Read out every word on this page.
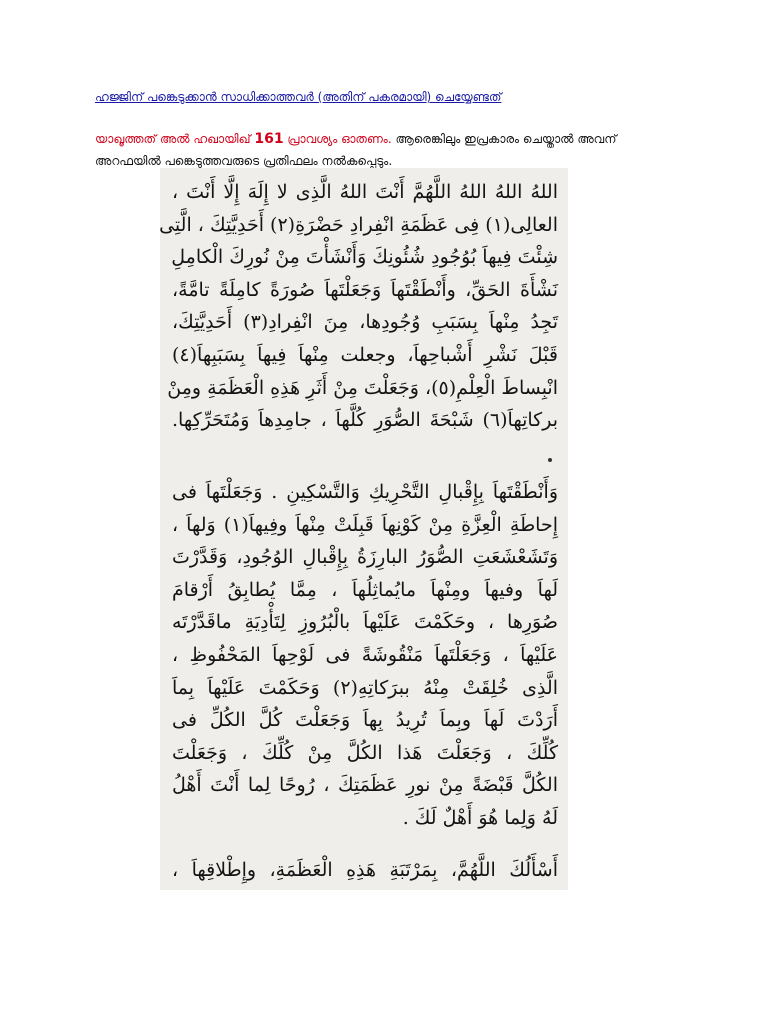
ഹജ്ജിന് പങ്കെടുക്കാൻ സാധിക്കാത്തവർ (അതിന് പകരമായി) ചെയ്യേണ്ടത്
യാഖൂത്തത് അൽ ഹഖായിഖ് 161 പ്രാവശ്യം ഓതണം. ആരെങ്കിലും ഇപ്രകാരം ചെയ്താൽ അവന് അറഫയിൽ പങ്കെടുത്തവരുടെ പ്രതിഫലം നൽകപ്പെടും.
اللهُ اللهُ اللهُ اللَّهُمَّ أَنْتَ اللهُ الَّذِى لا إِلَهَ إِلَّا أَنْتَ ،
العالِى(١) فِى عَظَمَةِ انْفِرادِ حَضْرَةِ(٢) أَحَدِيَّتِكَ ، الَّتِى
شِئْتَ فِيهاَ بُوُجُودِ شُئُونِكَ وَأَنْشَأْتَ مِنْ نُورِكَ الْكامِلِ
نَشْأَةَ الحَقِّ، وأَنْطَقْتَهاَ وَجَعَلْتَهاَ صُورَةً كامِلَةً تامَّةً،
تَجِدُ مِنْهاَ بِسَبَبِ وُجُودِها، مِنَ انْفِرادِ(٣) أَحَدِيَّتِكَ،
قَبْلَ نَشْرِ أَشْباحِهاَ، وجعلت مِنْهاَ فِيهاَ بِسَبَبِهاَ(٤)
انْبِساطَ الْعِلْمِ(٥)، وَجَعَلْتَ مِنْ أَثَرِ هَذِهِ الْعَظَمَةِ ومِنْ
بركاتِهاَ(٦) شَبْحَةَ الصُّوَرِ كُلَّهاَ ، جامِدِهاَ وَمُتَحَرِّكِها.
وَأَنْطَقْتَهاَ بِإِقْبالِ التَّحْرِيكِ وَالتَّسْكِينِ . وَجَعَلْتَهاَ فى
إِحاطَةِ الْعِزَّةِ مِنْ كَوْنِهاَ قَبِلَتْ مِنْهاَ وفِيهاَ(١) وَلهاَ ،
وَتَشَعْشَعَتِ الصُّوَرُ البارِزَةُ بِإِقْبالِ الوُجُودِ، وَقَدَّرْتَ
لَهاَ وفيهاَ ومِنْهاَ مايُماثِلُهاَ ، مِمَّا يُطابِقُ أَرْقامَ
صُوَرِها ، وحَكَمْتَ عَلَيْهاَ بالْبُرُوزِ لِتَأْدِيَةِ ماقَدَّرْتَه
عَلَيْهاَ ، وَجَعَلْتَهاَ مَنْقُوشَةً فى لَوْحِهاَ المَحْفُوظِ ،
الَّذِى خُلِقَتْ مِنْهُ ببرَكاتِهِ(٢) وَحَكَمْتَ عَلَيْهاَ بِماَ
أَرَدْتَ لَهاَ وبِماَ تُرِيدُ بِهاَ وَجَعَلْتَ كُلَّ الكُلِّ فى
كُلِّكَ ، وَجَعَلْتَ هَذا الكُلَّ مِنْ كُلِّكَ ، وَجَعَلْتَ
الكُلَّ قَبْضَةً مِنْ نورِ عَظَمَتِكَ ، رُوحًا لِما أَنْتَ أَهْلُ
لَهُ وَلِما هُوَ أَهْلٌ لَكَ .
أَسْأَلُكَ اللَّهُمَّ، بِمَرْتَبَةِ هَذِهِ الْعَظَمَةِ، وإِطْلاقِهاَ ،
